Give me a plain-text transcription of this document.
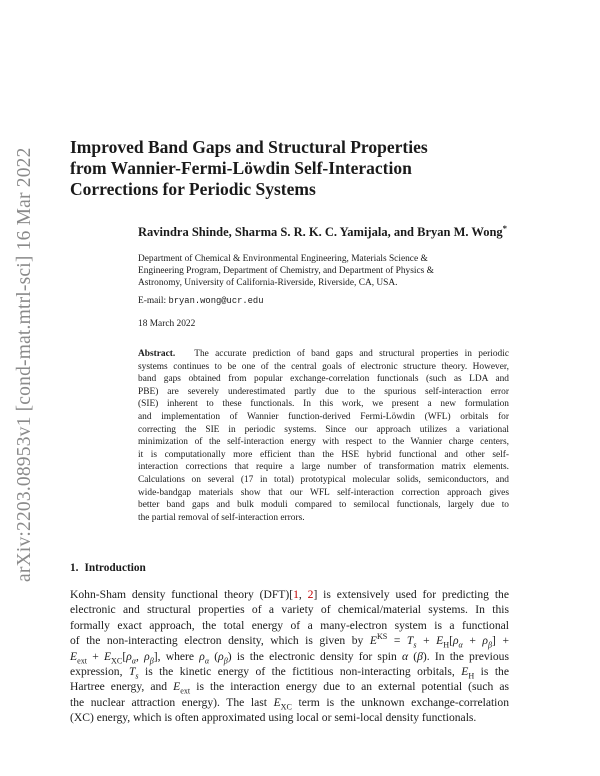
arXiv:2203.08953v1 [cond-mat.mtrl-sci] 16 Mar 2022
Improved Band Gaps and Structural Properties
from Wannier-Fermi-Löwdin Self-Interaction
Corrections for Periodic Systems

Ravindra Shinde, Sharma S. R. K. C. Yamijala, and Bryan M. Wong*

Department of Chemical & Environmental Engineering, Materials Science &
Engineering Program, Department of Chemistry, and Department of Physics &
Astronomy, University of California-Riverside, Riverside, CA, USA.

E-mail: bryan.wong@ucr.edu
18 March 2022
Abstract. The accurate prediction of band gaps and structural properties in periodic
systems continues to be one of the central goals of electronic structure theory. However,
band gaps obtained from popular exchange-correlation functionals (such as LDA and
PBE) are severely underestimated partly due to the spurious self-interaction error
(SIE) inherent to these functionals. In this work, we present a new formulation
and implementation of Wannier function-derived Fermi-Löwdin (WFL) orbitals for
correcting the SIE in periodic systems. Since our approach utilizes a variational
minimization of the self-interaction energy with respect to the Wannier charge centers,
it is computationally more efficient than the HSE hybrid functional and other self-
interaction corrections that require a large number of transformation matrix elements.
Calculations on several (17 in total) prototypical molecular solids, semiconductors, and
wide-bandgap materials show that our WFL self-interaction correction approach gives
better band gaps and bulk moduli compared to semilocal functionals, largely due to
the partial removal of self-interaction errors.
1. Introduction
Kohn-Sham density functional theory (DFT)[1, 2] is extensively used for predicting the
electronic and structural properties of a variety of chemical/material systems. In this
formally exact approach, the total energy of a many-electron system is a functional
of the non-interacting electron density, which is given by $E^{KS} = T_s + E_H[\rho_\alpha + \rho_\beta]$ +
$E_{ext} + E_{XC}[\rho_\alpha$, $\rho_\beta$], where $\rho_\alpha$ $(\rho_\beta)$ is the electronic density for spin α (β). In the previous
expression, $T_s$ is the kinetic energy of the fictitious non-interacting orbitals, $E_H$ is the
Hartree energy, and $E_{ext}$ is the interaction energy due to an external potential (such as
the nuclear attraction energy). The last $E_{XC}$ term is the unknown exchange-correlation
(XC) energy, which is often approximated using local or semi-local density functionals.
